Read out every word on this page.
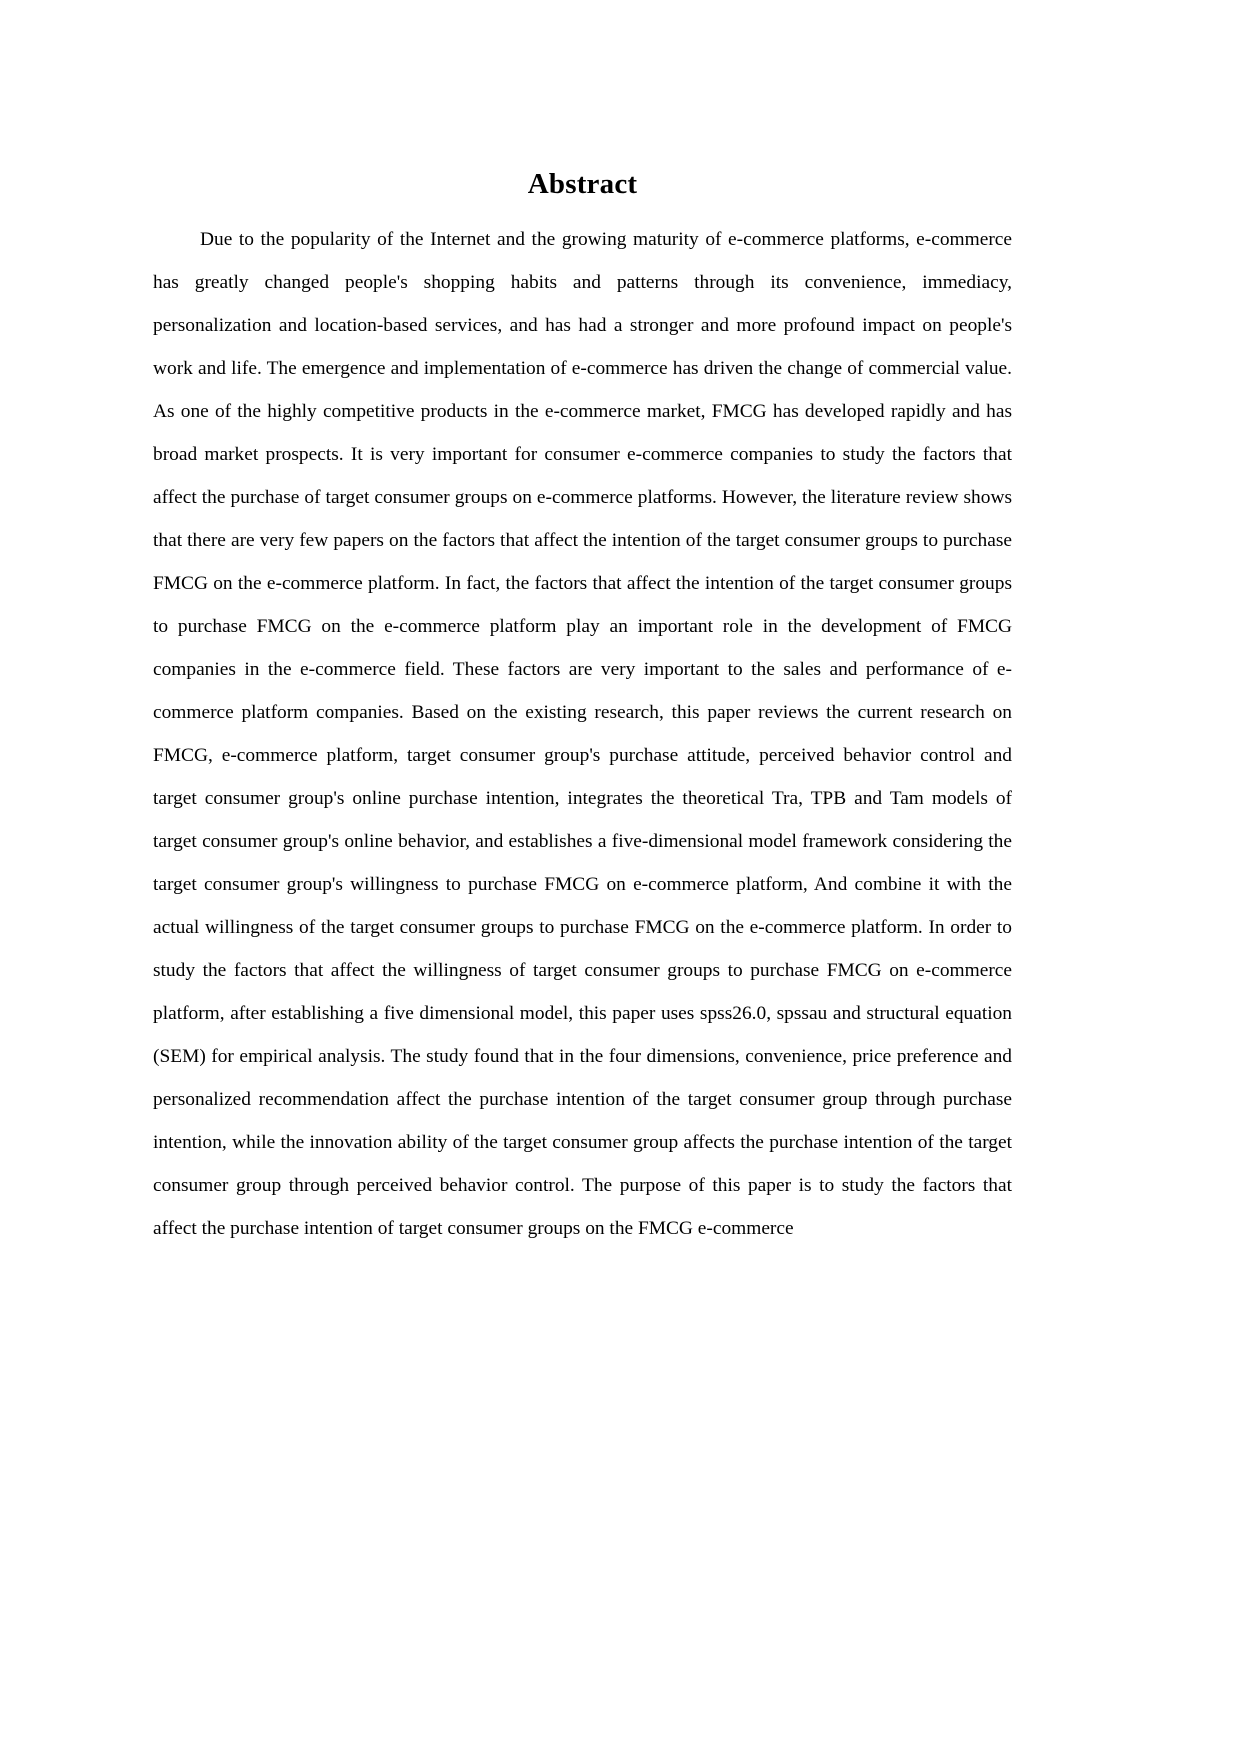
Abstract

Due to the popularity of the Internet and the growing maturity of e-commerce platforms, e-commerce has greatly changed people's shopping habits and patterns through its convenience, immediacy, personalization and location-based services, and has had a stronger and more profound impact on people's work and life. The emergence and implementation of e-commerce has driven the change of commercial value. As one of the highly competitive products in the e-commerce market, FMCG has developed rapidly and has broad market prospects. It is very important for consumer e-commerce companies to study the factors that affect the purchase of target consumer groups on e-commerce platforms. However, the literature review shows that there are very few papers on the factors that affect the intention of the target consumer groups to purchase FMCG on the e-commerce platform. In fact, the factors that affect the intention of the target consumer groups to purchase FMCG on the e-commerce platform play an important role in the development of FMCG companies in the e-commerce field. These factors are very important to the sales and performance of e-commerce platform companies. Based on the existing research, this paper reviews the current research on FMCG, e-commerce platform, target consumer group's purchase attitude, perceived behavior control and target consumer group's online purchase intention, integrates the theoretical Tra, TPB and Tam models of target consumer group's online behavior, and establishes a five-dimensional model framework considering the target consumer group's willingness to purchase FMCG on e-commerce platform, And combine it with the actual willingness of the target consumer groups to purchase FMCG on the e-commerce platform. In order to study the factors that affect the willingness of target consumer groups to purchase FMCG on e-commerce platform, after establishing a five dimensional model, this paper uses spss26.0, spssau and structural equation (SEM) for empirical analysis. The study found that in the four dimensions, convenience, price preference and personalized recommendation affect the purchase intention of the target consumer group through purchase intention, while the innovation ability of the target consumer group affects the purchase intention of the target consumer group through perceived behavior control. The purpose of this paper is to study the factors that affect the purchase intention of target consumer groups on the FMCG e-commerce
